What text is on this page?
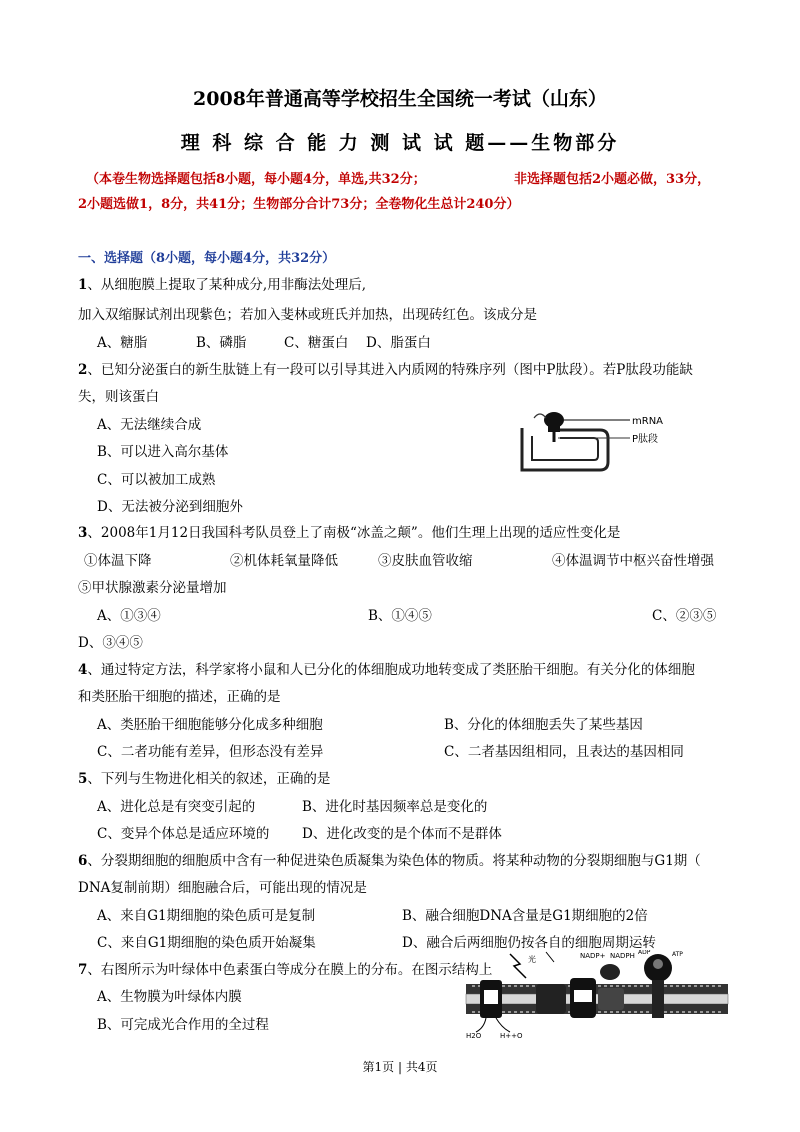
2008年普通高等学校招生全国统一考试（山东）
理 科 综 合 能 力 测 试 试 题——生物部分
（本卷生物选择题包括8小题，每小题4分，单选,共32分；	非选择题包括2小题必做，33分，
2小题选做1，8分，共41分；生物部分合计73分；全卷物化生总计240分）
一、选择题（8小题，每小题4分，共32分）
1、从细胞膜上提取了某种成分,用非酶法处理后,
加入双缩脲试剂出现紫色；若加入斐林或班氏并加热，出现砖红色。该成分是
A、糖脂	B、磷脂	C、糖蛋白 D、脂蛋白
2、已知分泌蛋白的新生肽链上有一段可以引导其进入内质网的特殊序列（图中P肽段）。若P肽段功能缺
失，则该蛋白
A、无法继续合成
B、可以进入高尔基体
C、可以被加工成熟
D、无法被分泌到细胞外
mRNA
P肽段
3、2008年1月12日我国科考队员登上了南极“冰盖之颠”。他们生理上出现的适应性变化是
①体温下降	②机体耗氧量降低	③皮肤血管收缩	④体温调节中枢兴奋性增强
⑤甲状腺激素分泌量增加
A、①③④	B、①④⑤	C、②③⑤
D、③④⑤
4、通过特定方法，科学家将小鼠和人已分化的体细胞成功地转变成了类胚胎干细胞。有关分化的体细胞
和类胚胎干细胞的描述，正确的是
A、类胚胎干细胞能够分化成多种细胞	B、分化的体细胞丢失了某些基因
C、二者功能有差异，但形态没有差异	C、二者基因组相同，且表达的基因相同
5、下列与生物进化相关的叙述，正确的是
A、进化总是有突变引起的	B、进化时基因频率总是变化的
C、变异个体总是适应环境的 D、进化改变的是个体而不是群体
6、分裂期细胞的细胞质中含有一种促进染色质凝集为染色体的物质。将某种动物的分裂期细胞与G1期（
DNA复制前期）细胞融合后，可能出现的情况是
A、来自G1期细胞的染色质可是复制	B、融合细胞DNA含量是G1期细胞的2倍
C、来自G1期细胞的染色质开始凝集	D、融合后两细胞仍按各自的细胞周期运转
7、右图所示为叶绿体中色素蛋白等成分在膜上的分布。在图示结构上
A、生物膜为叶绿体内膜
B、可完成光合作用的全过程
光	NADP+ NADPH ADP	ATP
H2O	H++O
第1页 | 共4页
